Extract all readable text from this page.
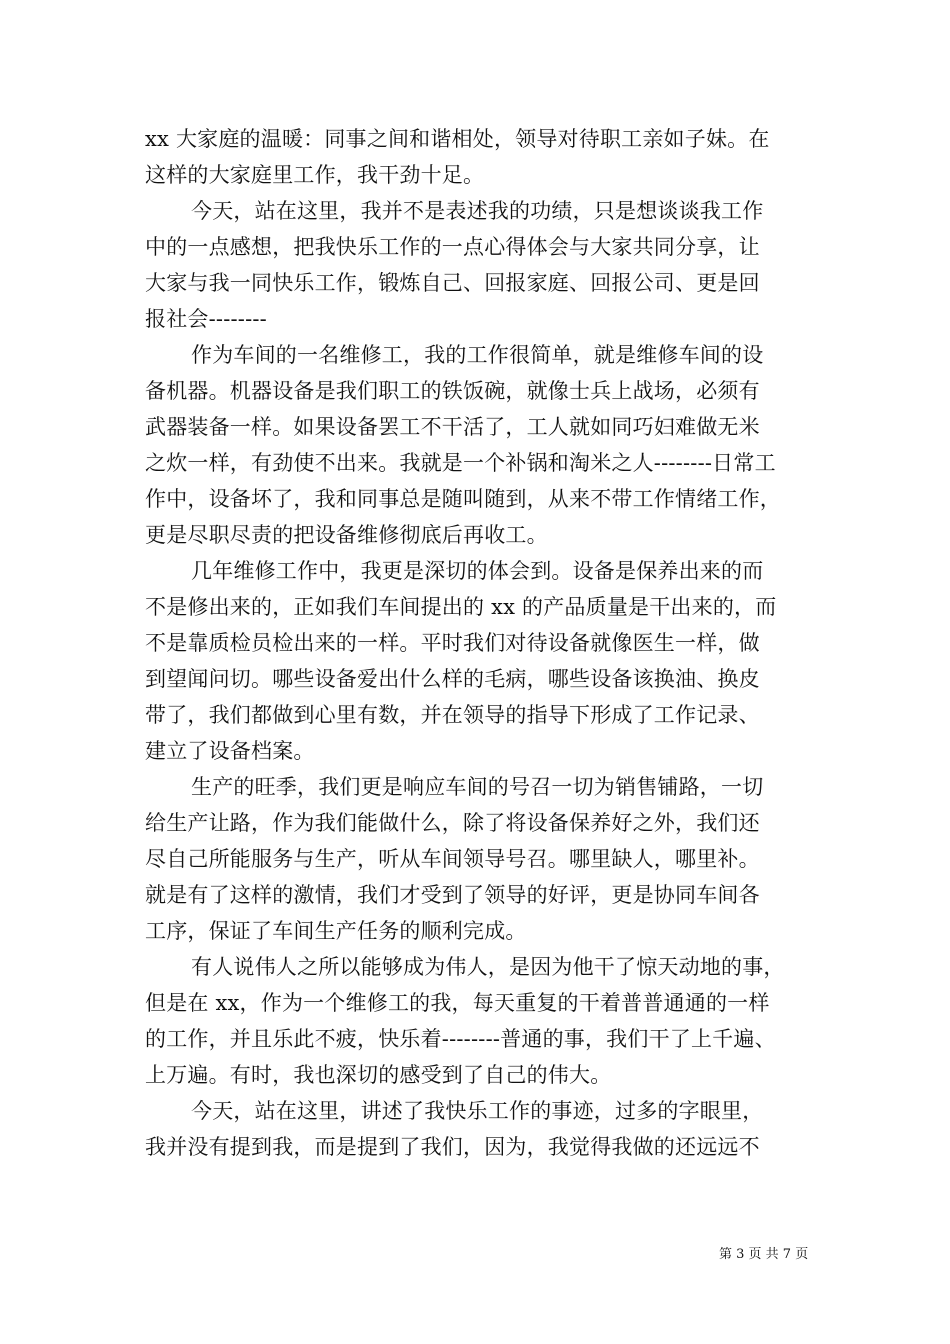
xx 大家庭的温暖：同事之间和谐相处，领导对待职工亲如子妹。在
这样的大家庭里工作，我干劲十足。
今天，站在这里，我并不是表述我的功绩，只是想谈谈我工作
中的一点感想，把我快乐工作的一点心得体会与大家共同分享，让
大家与我一同快乐工作，锻炼自己、回报家庭、回报公司、更是回
报社会--------
作为车间的一名维修工，我的工作很简单，就是维修车间的设
备机器。机器设备是我们职工的铁饭碗，就像士兵上战场，必须有
武器装备一样。如果设备罢工不干活了，工人就如同巧妇难做无米
之炊一样，有劲使不出来。我就是一个补锅和淘米之人--------日常工
作中，设备坏了，我和同事总是随叫随到，从来不带工作情绪工作，
更是尽职尽责的把设备维修彻底后再收工。
几年维修工作中，我更是深切的体会到。设备是保养出来的而
不是修出来的，正如我们车间提出的 xx 的产品质量是干出来的，而
不是靠质检员检出来的一样。平时我们对待设备就像医生一样，做
到望闻问切。哪些设备爱出什么样的毛病，哪些设备该换油、换皮
带了，我们都做到心里有数，并在领导的指导下形成了工作记录、
建立了设备档案。
生产的旺季，我们更是响应车间的号召一切为销售铺路，一切
给生产让路，作为我们能做什么，除了将设备保养好之外，我们还
尽自己所能服务与生产，听从车间领导号召。哪里缺人，哪里补。
就是有了这样的激情，我们才受到了领导的好评，更是协同车间各
工序，保证了车间生产任务的顺利完成。
有人说伟人之所以能够成为伟人，是因为他干了惊天动地的事，
但是在 xx，作为一个维修工的我，每天重复的干着普普通通的一样
的工作，并且乐此不疲，快乐着--------普通的事，我们干了上千遍、
上万遍。有时，我也深切的感受到了自己的伟大。
今天，站在这里，讲述了我快乐工作的事迹，过多的字眼里，
我并没有提到我，而是提到了我们，因为，我觉得我做的还远远不
第 3 页 共 7 页
